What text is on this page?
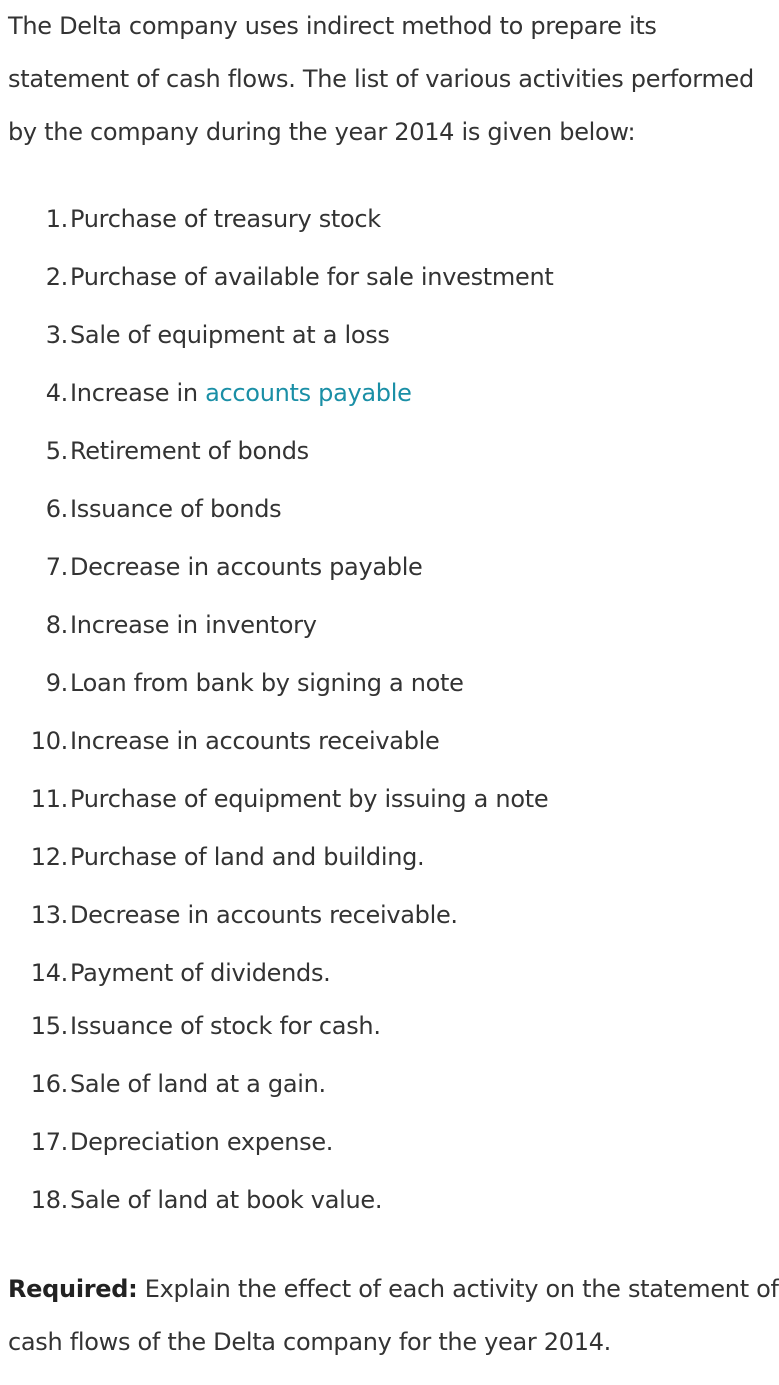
The Delta company uses indirect method to prepare its
statement of cash flows. The list of various activities performed
by the company during the year 2014 is given below:
1.Purchase of treasury stock
2.Purchase of available for sale investment
3.Sale of equipment at a loss
4.Increase in accounts payable
5.Retirement of bonds
6.Issuance of bonds
7.Decrease in accounts payable
8.Increase in inventory
9.Loan from bank by signing a note
10.Increase in accounts receivable
11.Purchase of equipment by issuing a note
12.Purchase of land and building.
13.Decrease in accounts receivable.
14.Payment of dividends.
15.Issuance of stock for cash.
16.Sale of land at a gain.
17.Depreciation expense.
18.Sale of land at book value.
Required: Explain the effect of each activity on the statement of
cash flows of the Delta company for the year 2014.
